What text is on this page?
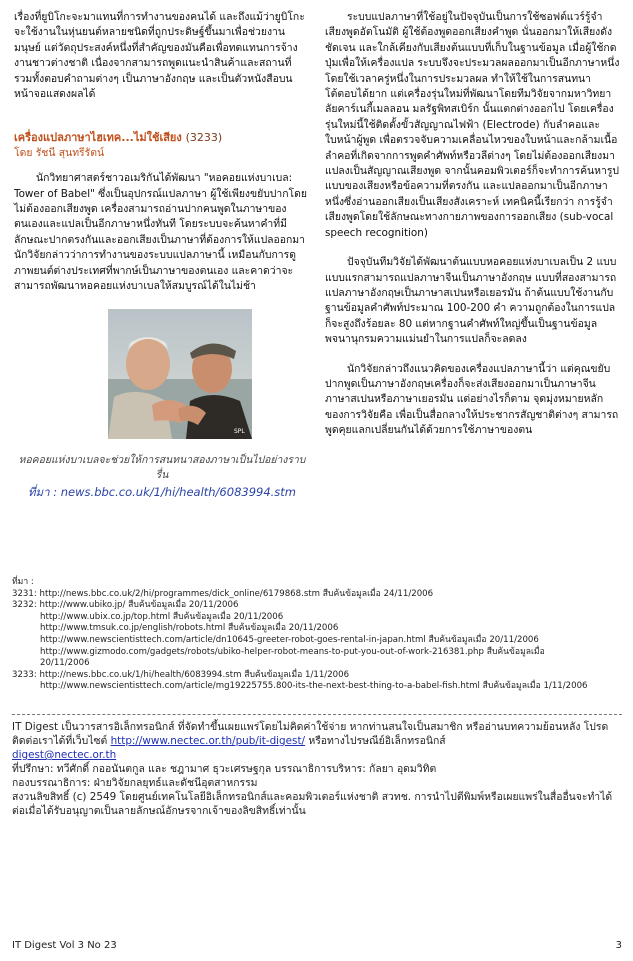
เรื่องที่ยูบิโกะจะมาแทนที่การทำงานของคนได้ และถึงแม้ว่ายูบิโกะจะใช้งานในหุ่นยนต์หลายชนิดที่ถูกประดิษฐ์ขึ้นมาเพื่อช่วยงานมนุษย์ แต่วัตถุประสงค์หนึ่งที่สำคัญของมันคือเพื่อทดแทนการจ้างงานชาวต่างชาติ เนื่องจากสามารถพูดแนะนำสินค้าและสถานที่ รวมทั้งตอบคำถามต่างๆ เป็นภาษาอังกฤษ และเป็นตัวหนังสือบนหน้าจอแสดงผลได้

เครื่องแปลภาษาไฮเทค...ไม่ใช้เสียง (3233)
โดย รัชนี สุนทรีรัตน์

นักวิทยาศาสตร์ชาวอเมริกันได้พัฒนา "หอคอยแห่งบาเบล: Tower of Babel" ซึ่งเป็นอุปกรณ์แปลภาษา ผู้ใช้เพียงขยับปากโดยไม่ต้องออกเสียงพูด เครื่องสามารถอ่านปากคนพูดในภาษาของตนเองและแปลเป็นอีกภาษาหนึ่งทันที โดยระบบจะค้นหาคำที่มีลักษณะปากตรงกันและออกเสียงเป็นภาษาที่ต้องการให้แปลออกมา นักวิจัยกล่าวว่าการทำงานของระบบแปลภาษานี้ เหมือนกับการดูภาพยนต์ต่างประเทศที่พากษ์เป็นภาษาของตนเอง และคาดว่าจะสามารถพัฒนาหอคอยแห่งบาเบลให้สมบูรณ์ได้ในไม่ช้า

SPL
หอคอยแห่งบาเบลจะช่วยให้การสนทนาสองภาษาเป็นไปอย่างราบรื่น
ที่มา : news.bbc.co.uk/1/hi/health/6083994.stm

ระบบแปลภาษาที่ใช้อยู่ในปัจจุบันเป็นการใช้ซอฟต์แวร์รู้จำเสียงพูดอัตโนมัติ ผู้ใช้ต้องพูดออกเสียงคำพูด นั่นออกมาให้เสียงดัง ชัดเจน และใกล้เคียงกับเสียงต้นแบบที่เก็บในฐานข้อมูล เมื่อผู้ใช้กดปุ่มเพื่อให้เครื่องแปล ระบบจึงจะประมวลผลออกมาเป็นอีกภาษาหนึ่ง โดยใช้เวลาครู่หนึ่งในการประมวลผล ทำให้ใช้ในการสนทนาโต้ตอบได้ยาก แต่เครื่องรุ่นใหม่ที่พัฒนาโดยทีมวิจัยจากมหาวิทยาลัยคาร์เนกี้เมลลอน มลรัฐพิทสเบิร์ก นั้นแตกต่างออกไป โดยเครื่องรุ่นใหม่นี้ใช้ติดตั้งขั้วสัญญาณไฟฟ้า (Electrode) กับลำคอและใบหน้าผู้พูด เพื่อตรวจจับความเคลื่อนไหวของใบหน้าและกล้ามเนื้อลำคอที่เกิดจากการพูดคำศัพท์หรือวลีต่างๆ โดยไม่ต้องออกเสียงมาแปลงเป็นสัญญาณเสียงพูด จากนั้นคอมพิวเตอร์ก็จะทำการค้นหารูปแบบของเสียงหรือข้อความที่ตรงกัน และแปลออกมาเป็นอีกภาษาหนึ่งซึ่งอ่านออกเสียงเป็นเสียงสังเคราะห์ เทคนิคนี้เรียกว่า การรู้จำเสียงพูดโดยใช้ลักษณะทางกายภาพของการออกเสียง (sub-vocal speech recognition)

ปัจจุบันทีมวิจัยได้พัฒนาต้นแบบหอคอยแห่งบาเบลเป็น 2 แบบ แบบแรกสามารถแปลภาษาจีนเป็นภาษาอังกฤษ แบบที่สองสามารถแปลภาษาอังกฤษเป็นภาษาสเปนหรือเยอรมัน ถ้าต้นแบบใช้งานกับฐานข้อมูลคำศัพท์ประมาณ 100-200 คำ ความถูกต้องในการแปลก็จะสูงถึงร้อยละ 80 แต่หากฐานคำศัพท์ใหญ่ขึ้นเป็นฐานข้อมูลพจนานุกรมความแม่นยำในการแปลก็จะลดลง

นักวิจัยกล่าวถึงแนวคิดของเครื่องแปลภาษานี้ว่า แต่คุณขยับปากพูดเป็นภาษาอังกฤษเครื่องก็จะส่งเสียงออกมาเป็นภาษาจีน ภาษาสเปนหรือภาษาเยอรมัน แต่อย่างไรก็ตาม จุดมุ่งหมายหลักของการวิจัยคือ เพื่อเป็นสื่อกลางให้ประชากรสัญชาติต่างๆ สามารถพูดคุยแลกเปลี่ยนกันได้ด้วยการใช้ภาษาของตน

ที่มา :
3231: http://news.bbc.co.uk/2/hi/programmes/dick_online/6179868.stm สืบค้นข้อมูลเมื่อ 24/11/2006
3232: http://www.ubiko.jp/ สืบค้นข้อมูลเมื่อ 20/11/2006
http://www.ubix.co.jp/top.html สืบค้นข้อมูลเมื่อ 20/11/2006
http://www.tmsuk.co.jp/english/robots.html สืบค้นข้อมูลเมื่อ 20/11/2006
http://www.newscientisttech.com/article/dn10645-greeter-robot-goes-rental-in-japan.html สืบค้นข้อมูลเมื่อ 20/11/2006
http://www.gizmodo.com/gadgets/robots/ubiko-helper-robot-means-to-put-you-out-of-work-216381.php สืบค้นข้อมูลเมื่อ
20/11/2006
3233: http://news.bbc.co.uk/1/hi/health/6083994.stm สืบค้นข้อมูลเมื่อ 1/11/2006
http://www.newscientisttech.com/article/mg19225755.800-its-the-next-best-thing-to-a-babel-fish.html สืบค้นข้อมูลเมื่อ 1/11/2006
IT Digest เป็นวารสารอิเล็กทรอนิกส์ ที่จัดทำขึ้นเผยแพร่โดยไม่คิดค่าใช้จ่าย หากท่านสนใจเป็นสมาชิก หรืออ่านบทความย้อนหลัง โปรดติดต่อเราได้ที่เว็บไซต์ http://www.nectec.or.th/pub/it-digest/ หรือทางไปรษณีย์อิเล็กทรอนิกส์
digest@nectec.or.th
ที่ปรึกษา: ทวีศักดิ์ กออนันตกูล และ ชฎามาศ ธุวะเศรษฐกุล บรรณาธิการบริหาร: กัลยา อุดมวิทิต
กองบรรณาธิการ: ฝ่ายวิจัยกลยุทธ์และดัชนีอุตสาหกรรม
สงวนลิขสิทธิ์ (c) 2549 โดยศูนย์เทคโนโลยีอิเล็กทรอนิกส์และคอมพิวเตอร์แห่งชาติ สวทช. การนำไปตีพิมพ์หรือเผยแพร่ในสื่ออื่นจะทำได้ต่อเมื่อได้รับอนุญาตเป็นลายลักษณ์อักษรจากเจ้าของลิขสิทธิ์เท่านั้น
IT Digest Vol 3 No 23	3
